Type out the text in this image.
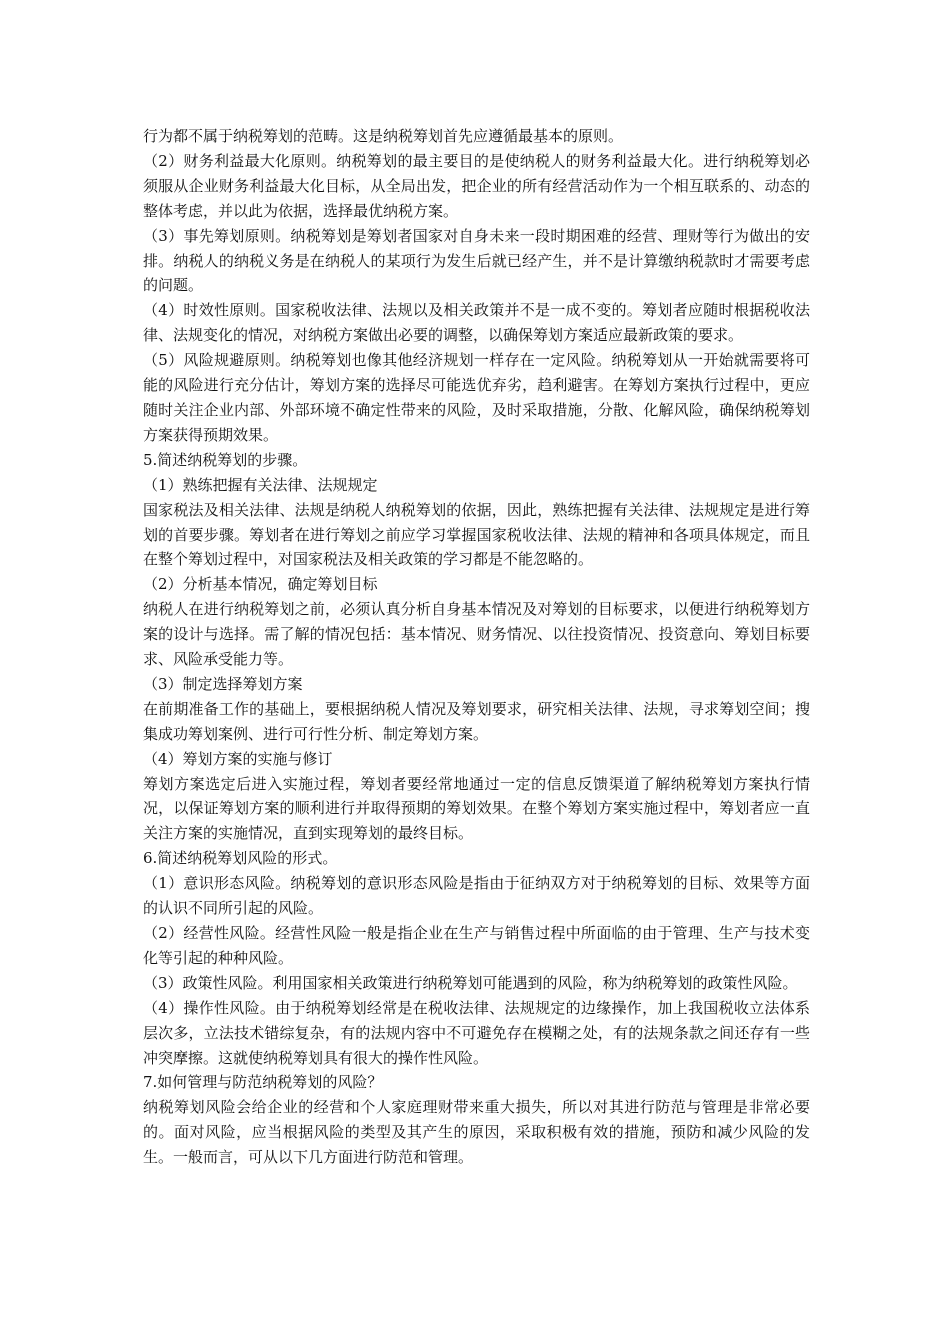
行为都不属于纳税筹划的范畴。这是纳税筹划首先应遵循最基本的原则。

（2）财务利益最大化原则。纳税筹划的最主要目的是使纳税人的财务利益最大化。进行纳税筹划必须服从企业财务利益最大化目标，从全局出发，把企业的所有经营活动作为一个相互联系的、动态的整体考虑，并以此为依据，选择最优纳税方案。

（3）事先筹划原则。纳税筹划是筹划者国家对自身未来一段时期困难的经营、理财等行为做出的安排。纳税人的纳税义务是在纳税人的某项行为发生后就已经产生，并不是计算缴纳税款时才需要考虑的问题。

（4）时效性原则。国家税收法律、法规以及相关政策并不是一成不变的。筹划者应随时根据税收法律、法规变化的情况，对纳税方案做出必要的调整，以确保筹划方案适应最新政策的要求。

（5）风险规避原则。纳税筹划也像其他经济规划一样存在一定风险。纳税筹划从一开始就需要将可能的风险进行充分估计，筹划方案的选择尽可能选优弃劣，趋利避害。在筹划方案执行过程中，更应随时关注企业内部、外部环境不确定性带来的风险，及时采取措施，分散、化解风险，确保纳税筹划方案获得预期效果。

5.简述纳税筹划的步骤。

（1）熟练把握有关法律、法规规定

国家税法及相关法律、法规是纳税人纳税筹划的依据，因此，熟练把握有关法律、法规规定是进行筹划的首要步骤。筹划者在进行筹划之前应学习掌握国家税收法律、法规的精神和各项具体规定，而且在整个筹划过程中，对国家税法及相关政策的学习都是不能忽略的。

（2）分析基本情况，确定筹划目标

纳税人在进行纳税筹划之前，必须认真分析自身基本情况及对筹划的目标要求，以便进行纳税筹划方案的设计与选择。需了解的情况包括：基本情况、财务情况、以往投资情况、投资意向、筹划目标要求、风险承受能力等。

（3）制定选择筹划方案

在前期准备工作的基础上，要根据纳税人情况及筹划要求，研究相关法律、法规，寻求筹划空间；搜集成功筹划案例、进行可行性分析、制定筹划方案。

（4）筹划方案的实施与修订

筹划方案选定后进入实施过程，筹划者要经常地通过一定的信息反馈渠道了解纳税筹划方案执行情况，以保证筹划方案的顺利进行并取得预期的筹划效果。在整个筹划方案实施过程中，筹划者应一直关注方案的实施情况，直到实现筹划的最终目标。

6.简述纳税筹划风险的形式。

（1）意识形态风险。纳税筹划的意识形态风险是指由于征纳双方对于纳税筹划的目标、效果等方面的认识不同所引起的风险。

（2）经营性风险。经营性风险一般是指企业在生产与销售过程中所面临的由于管理、生产与技术变化等引起的种种风险。

（3）政策性风险。利用国家相关政策进行纳税筹划可能遇到的风险，称为纳税筹划的政策性风险。

（4）操作性风险。由于纳税筹划经常是在税收法律、法规规定的边缘操作，加上我国税收立法体系层次多，立法技术错综复杂，有的法规内容中不可避免存在模糊之处，有的法规条款之间还存有一些冲突摩擦。这就使纳税筹划具有很大的操作性风险。

7.如何管理与防范纳税筹划的风险？

纳税筹划风险会给企业的经营和个人家庭理财带来重大损失，所以对其进行防范与管理是非常必要的。面对风险，应当根据风险的类型及其产生的原因，采取积极有效的措施，预防和减少风险的发生。一般而言，可从以下几方面进行防范和管理。
